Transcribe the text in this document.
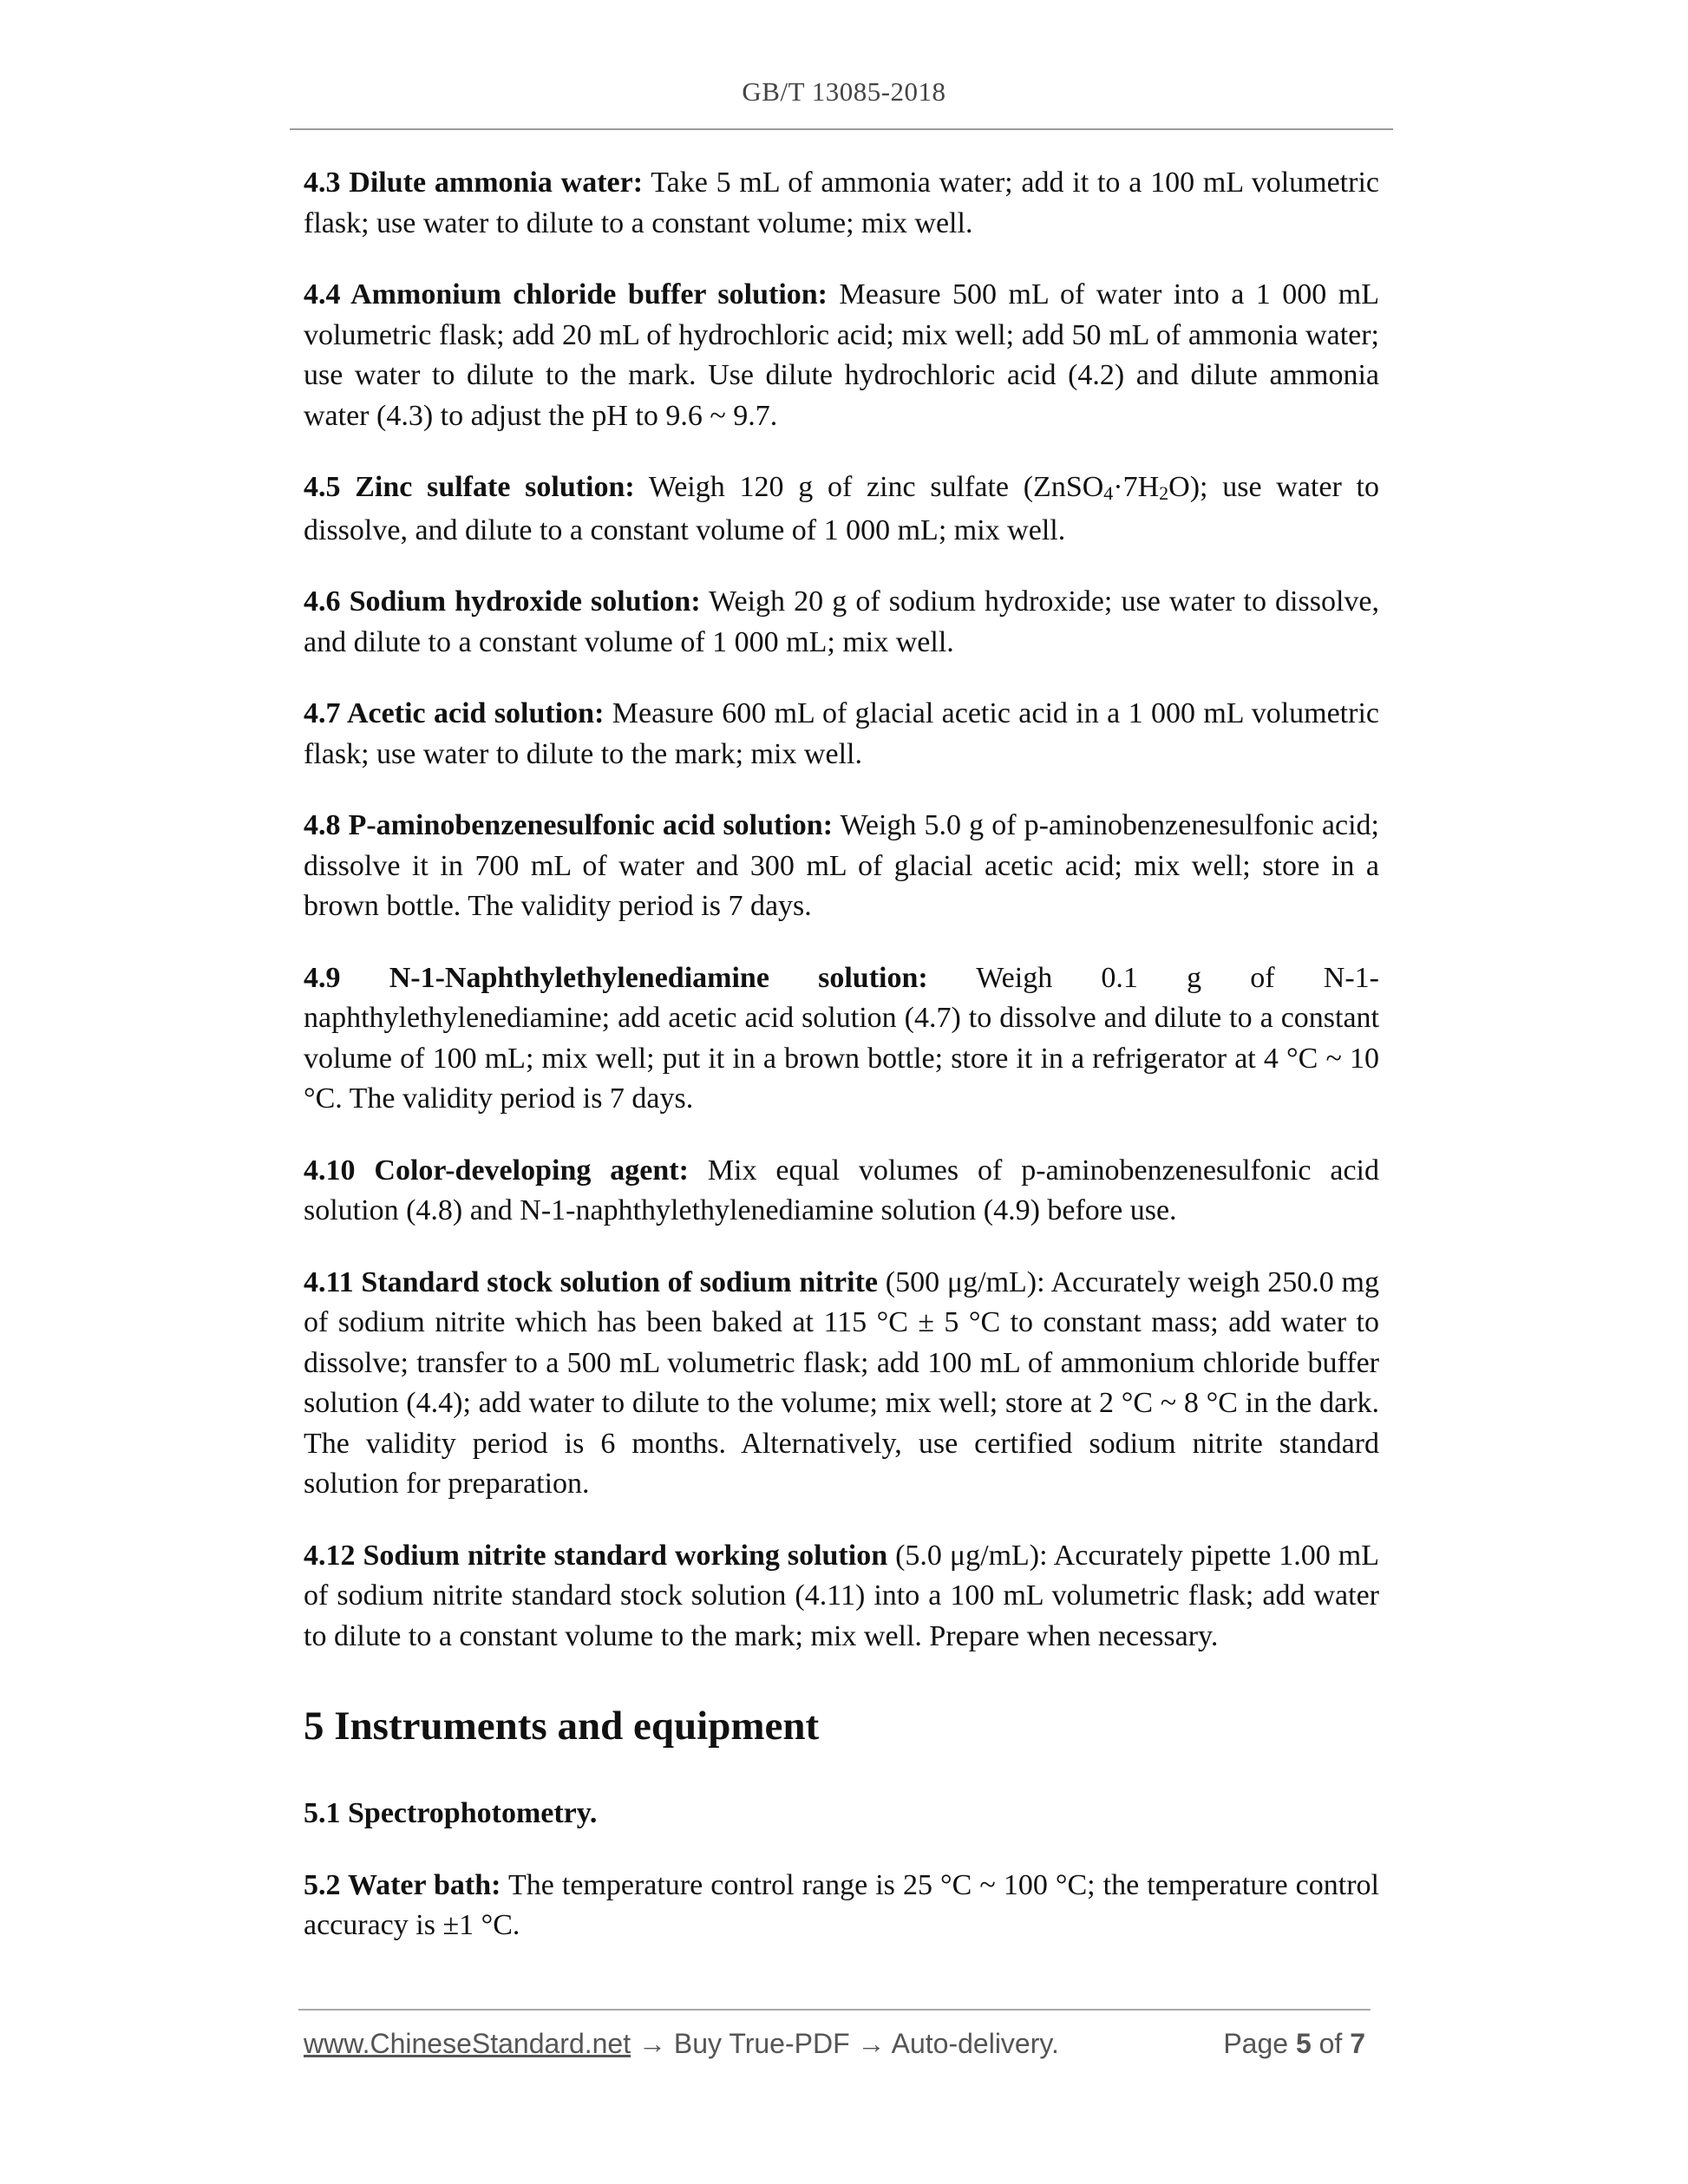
GB/T 13085-2018

4.3 Dilute ammonia water: Take 5 mL of ammonia water; add it to a 100 mL volumetric flask; use water to dilute to a constant volume; mix well.

4.4 Ammonium chloride buffer solution: Measure 500 mL of water into a 1 000 mL volumetric flask; add 20 mL of hydrochloric acid; mix well; add 50 mL of ammonia water; use water to dilute to the mark. Use dilute hydrochloric acid (4.2) and dilute ammonia water (4.3) to adjust the pH to 9.6 ~ 9.7.

4.5 Zinc sulfate solution: Weigh 120 g of zinc sulfate (ZnSO4·7H2O); use water to dissolve, and dilute to a constant volume of 1 000 mL; mix well.

4.6 Sodium hydroxide solution: Weigh 20 g of sodium hydroxide; use water to dissolve, and dilute to a constant volume of 1 000 mL; mix well.

4.7 Acetic acid solution: Measure 600 mL of glacial acetic acid in a 1 000 mL volumetric flask; use water to dilute to the mark; mix well.

4.8 P-aminobenzenesulfonic acid solution: Weigh 5.0 g of p-aminobenzenesulfonic acid; dissolve it in 700 mL of water and 300 mL of glacial acetic acid; mix well; store in a brown bottle. The validity period is 7 days.

4.9 N-1-Naphthylethylenediamine solution: Weigh 0.1 g of N-1-naphthylethylenediamine; add acetic acid solution (4.7) to dissolve and dilute to a constant volume of 100 mL; mix well; put it in a brown bottle; store it in a refrigerator at 4 °C ~ 10 °C. The validity period is 7 days.

4.10 Color-developing agent: Mix equal volumes of p-aminobenzenesulfonic acid solution (4.8) and N-1-naphthylethylenediamine solution (4.9) before use.

4.11 Standard stock solution of sodium nitrite (500 μg/mL): Accurately weigh 250.0 mg of sodium nitrite which has been baked at 115 °C ± 5 °C to constant mass; add water to dissolve; transfer to a 500 mL volumetric flask; add 100 mL of ammonium chloride buffer solution (4.4); add water to dilute to the volume; mix well; store at 2 °C ~ 8 °C in the dark. The validity period is 6 months. Alternatively, use certified sodium nitrite standard solution for preparation.

4.12 Sodium nitrite standard working solution (5.0 μg/mL): Accurately pipette 1.00 mL of sodium nitrite standard stock solution (4.11) into a 100 mL volumetric flask; add water to dilute to a constant volume to the mark; mix well. Prepare when necessary.

5 Instruments and equipment

5.1 Spectrophotometry.

5.2 Water bath: The temperature control range is 25 °C ~ 100 °C; the temperature control accuracy is ±1 °C.

www.ChineseStandard.net → Buy True-PDF → Auto-delivery.	Page 5 of 7
